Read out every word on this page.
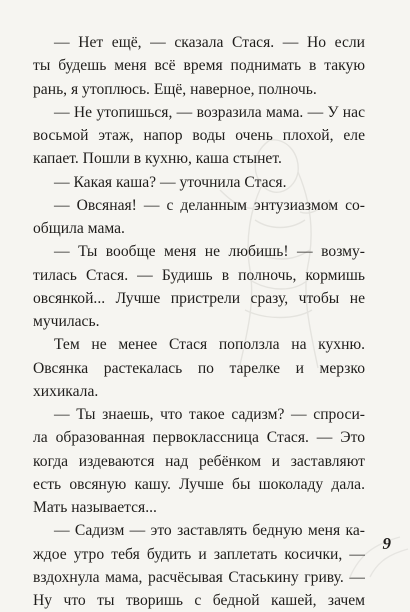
— Нет ещё, — сказала Стася. — Но если
ты будешь меня всё время поднимать в такую
рань, я утоплюсь. Ещё, наверное, полночь.
— Не утопишься, — возразила мама. — У нас
восьмой этаж, напор воды очень плохой, еле
капает. Пошли в кухню, каша стынет.
— Какая каша? — уточнила Стася.
— Овсяная! — с деланным энтузиазмом со-
общила мама.
— Ты вообще меня не любишь! — возму-
тилась Стася. — Будишь в полночь, кормишь
овсянкой... Лучше пристрели сразу, чтобы не
мучилась.
Тем не менее Стася поползла на кухню.
Овсянка растекалась по тарелке и мерзко
хихикала.
— Ты знаешь, что такое садизм? — спроси-
ла образованная первоклассница Стася. — Это
когда издеваются над ребёнком и заставляют
есть овсяную кашу. Лучше бы шоколаду дала.
Мать называется...
— Садизм — это заставлять бедную меня ка-
ждое утро тебя будить и заплетать косички, —
вздохнула мама, расчёсывая Стаськину гриву. —
Ну что ты творишь с бедной кашей, зачем
9
